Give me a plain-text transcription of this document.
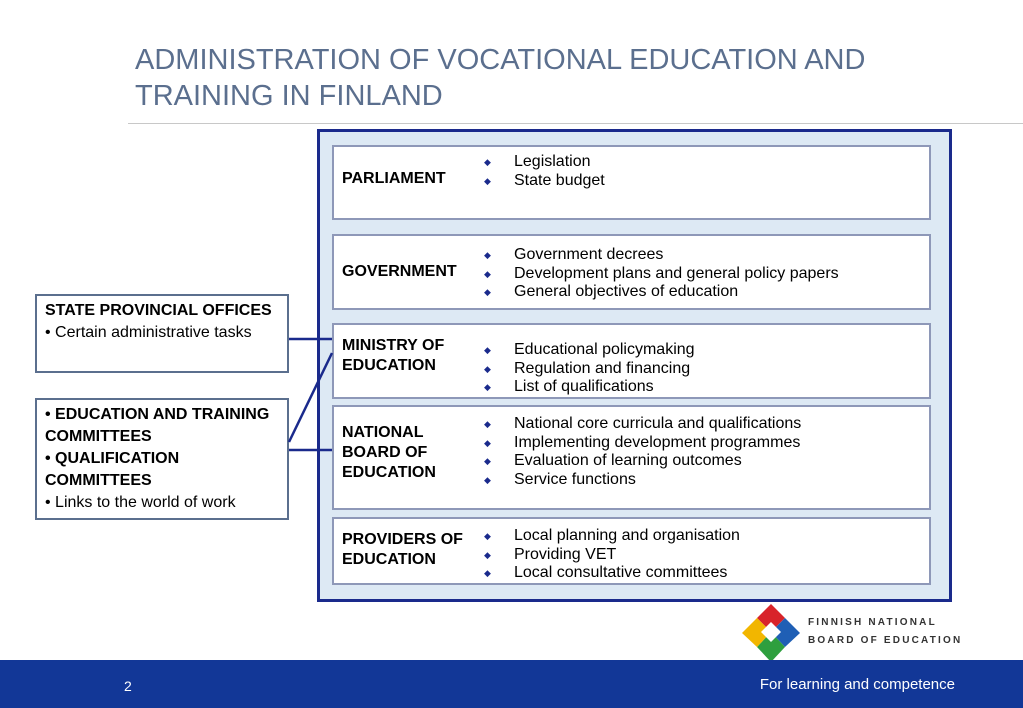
ADMINISTRATION OF VOCATIONAL EDUCATION AND TRAINING IN FINLAND
PARLIAMENT
◆ Legislation
◆ State budget
GOVERNMENT
◆ Government decrees
◆ Development plans and general policy papers
◆ General objectives of education
MINISTRY OF EDUCATION
◆ Educational policymaking
◆ Regulation and financing
◆ List of qualifications
NATIONAL BOARD OF EDUCATION
◆ National core curricula and qualifications
◆ Implementing development programmes
◆ Evaluation of learning outcomes
◆ Service functions
PROVIDERS OF EDUCATION
◆ Local planning and organisation
◆ Providing VET
◆ Local consultative committees
STATE PROVINCIAL OFFICES
• Certain administrative tasks
• EDUCATION AND TRAINING COMMITTEES
• QUALIFICATION COMMITTEES
• Links to the world of work
FINNISH NATIONAL
BOARD OF EDUCATION
2	For learning and competence
